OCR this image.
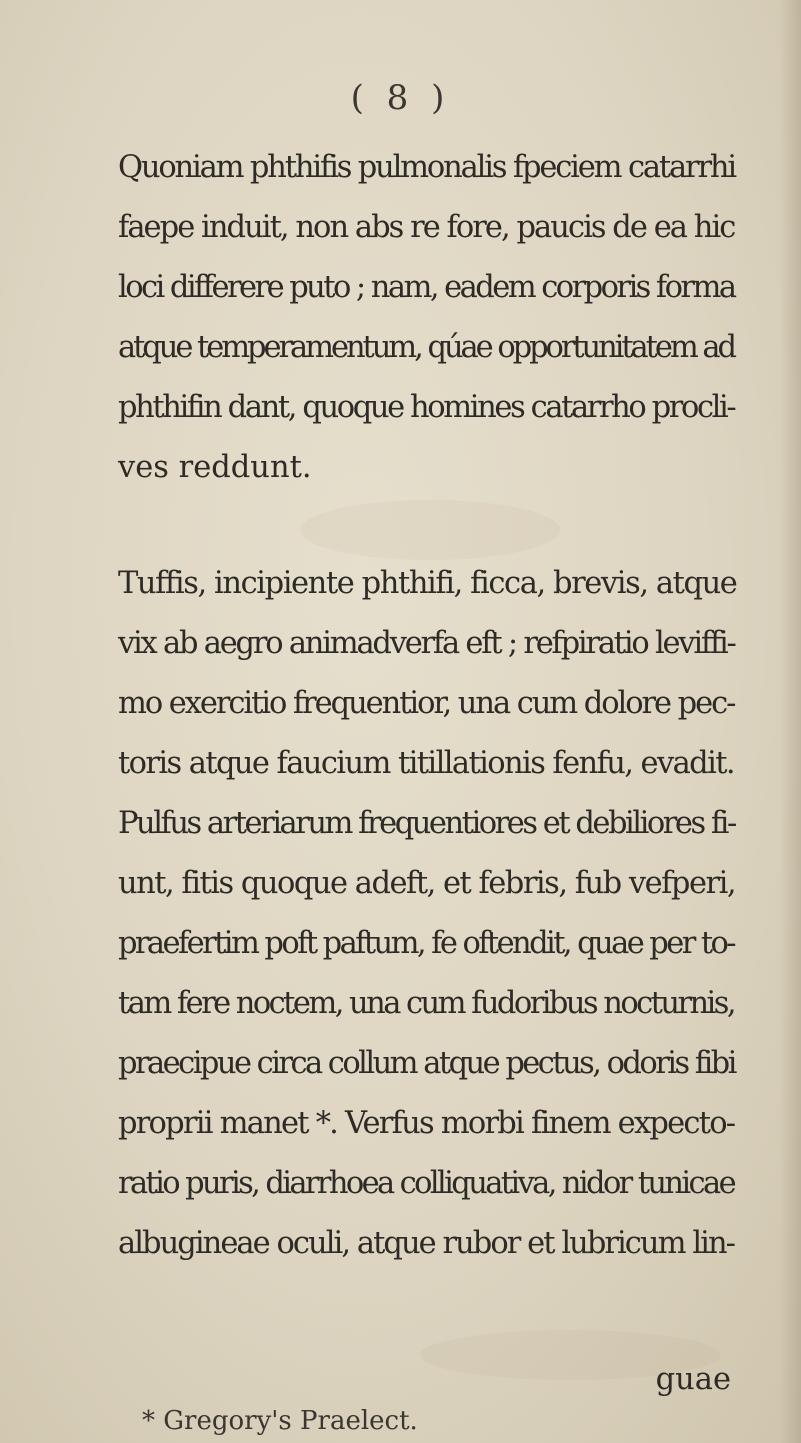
( 8 )
Quoniam phthifis pulmonalis fpeciem catarrhi
faepe induit, non abs re fore, paucis de ea hic
loci differere puto ; nam, eadem corporis forma
atque temperamentum, qúae opportunitatem ad
phthifin dant, quoque homines catarrho procli-
ves reddunt.
Tuffis, incipiente phthifi, ficca, brevis, atque
vix ab aegro animadverfa eft ; refpiratio leviffi-
mo exercitio frequentior, una cum dolore pec-
toris atque faucium titillationis fenfu, evadit.
Pulfus arteriarum frequentiores et debiliores fi-
unt, fitis quoque adeft, et febris, fub vefperi,
praefertim poft paftum, fe oftendit, quae per to-
tam fere noctem, una cum fudoribus nocturnis,
praecipue circa collum atque pectus, odoris fibi
proprii manet *. Verfus morbi finem expecto-
ratio puris, diarrhoea colliquativa, nidor tunicae
albugineae oculi, atque rubor et lubricum lin-
guae
* Gregory's Praelect.
